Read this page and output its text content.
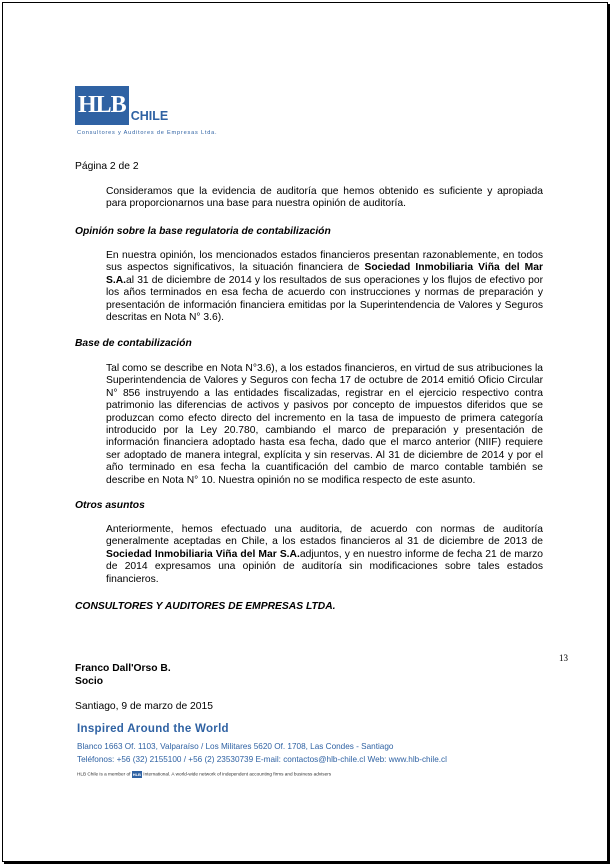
HLB CHILE
Consultores y Auditores de Empresas Ltda.
Página 2 de 2
Consideramos que la evidencia de auditoría que hemos obtenido es suficiente y apropiada para proporcionarnos una base para nuestra opinión de auditoría.
Opinión sobre la base regulatoria de contabilización
En nuestra opinión, los mencionados estados financieros presentan razonablemente, en todos sus aspectos significativos, la situación financiera de Sociedad Inmobiliaria Viña del Mar S.A.al 31 de diciembre de 2014 y los resultados de sus operaciones y los flujos de efectivo por los años terminados en esa fecha de acuerdo con instrucciones y normas de preparación y presentación de información financiera emitidas por la Superintendencia de Valores y Seguros descritas en Nota N° 3.6).
Base de contabilización
Tal como se describe en Nota N°3.6), a los estados financieros, en virtud de sus atribuciones la Superintendencia de Valores y Seguros con fecha 17 de octubre de 2014 emitió Oficio Circular N° 856 instruyendo a las entidades fiscalizadas, registrar en el ejercicio respectivo contra patrimonio las diferencias de activos y pasivos por concepto de impuestos diferidos que se produzcan como efecto directo del incremento en la tasa de impuesto de primera categoría introducido por la Ley 20.780, cambiando el marco de preparación y presentación de información financiera adoptado hasta esa fecha, dado que el marco anterior (NIIF) requiere ser adoptado de manera integral, explícita y sin reservas. Al 31 de diciembre de 2014 y por el año terminado en esa fecha la cuantificación del cambio de marco contable también se describe en Nota N° 10. Nuestra opinión no se modifica respecto de este asunto.
Otros asuntos
Anteriormente, hemos efectuado una auditoria, de acuerdo con normas de auditoría generalmente aceptadas en Chile, a los estados financieros al 31 de diciembre de 2013 de Sociedad Inmobiliaria Viña del Mar S.A.adjuntos, y en nuestro informe de fecha 21 de marzo de 2014 expresamos una opinión de auditoría sin modificaciones sobre tales estados financieros.
CONSULTORES Y AUDITORES DE EMPRESAS LTDA.
13
Franco Dall'Orso B.
Socio
Santiago, 9 de marzo de 2015
Inspired Around the World
Blanco 1663 Of. 1103, Valparaíso / Los Militares 5620 Of. 1708, Las Condes - Santiago
Teléfonos: +56 (32) 2155100 / +56 (2) 23530739 E-mail: contactos@hlb-chile.cl Web: www.hlb-chile.cl
HLB Chile is a member of HLB International. A world-wide network of independent accounting firms and business advisers
